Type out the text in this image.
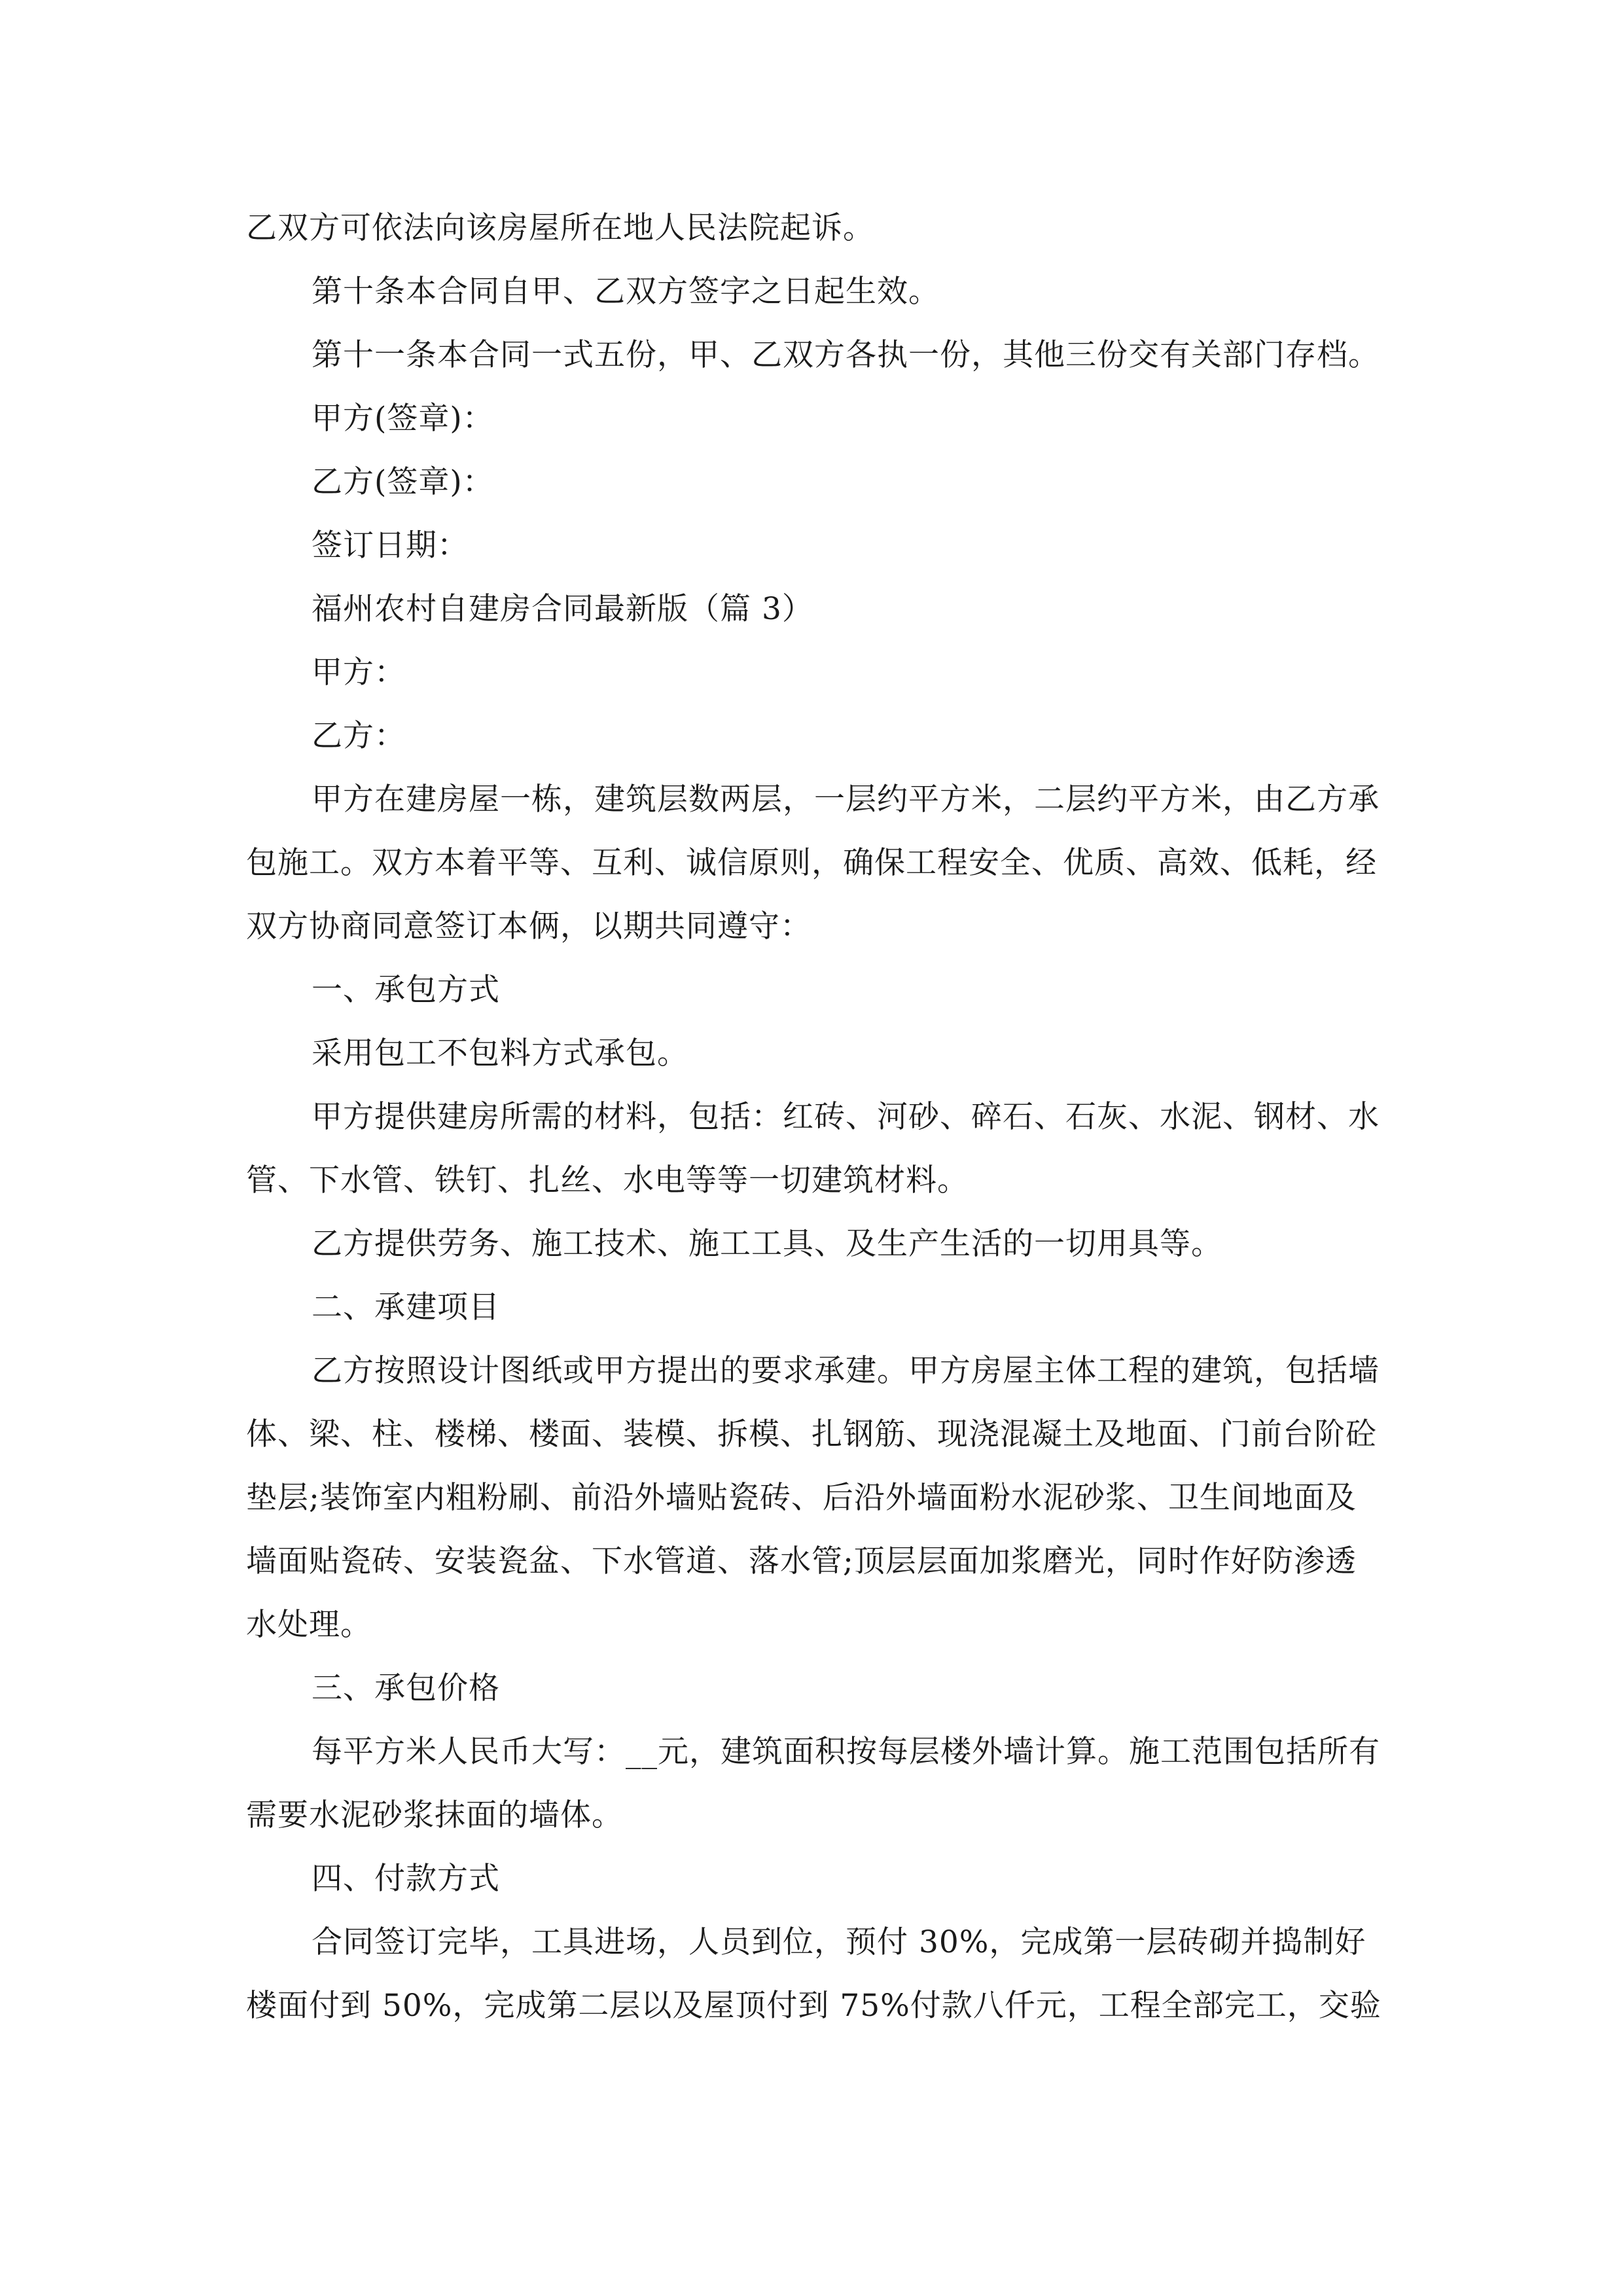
乙双方可依法向该房屋所在地人民法院起诉。

第十条本合同自甲、乙双方签字之日起生效。

第十一条本合同一式五份，甲、乙双方各执一份，其他三份交有关部门存档。

甲方(签章)：

乙方(签章)：

签订日期：

福州农村自建房合同最新版（篇 3）

甲方：

乙方：

甲方在建房屋一栋，建筑层数两层，一层约平方米，二层约平方米，由乙方承包施工。双方本着平等、互利、诚信原则，确保工程安全、优质、高效、低耗，经双方协商同意签订本俩，以期共同遵守：

一、承包方式

采用包工不包料方式承包。

甲方提供建房所需的材料，包括：红砖、河砂、碎石、石灰、水泥、钢材、水管、下水管、铁钉、扎丝、水电等等一切建筑材料。

乙方提供劳务、施工技术、施工工具、及生产生活的一切用具等。

二、承建项目

乙方按照设计图纸或甲方提出的要求承建。甲方房屋主体工程的建筑，包括墙体、梁、柱、楼梯、楼面、装模、拆模、扎钢筋、现浇混凝土及地面、门前台阶砼垫层;装饰室内粗粉刷、前沿外墙贴瓷砖、后沿外墙面粉水泥砂浆、卫生间地面及墙面贴瓷砖、安装瓷盆、下水管道、落水管;顶层层面加浆磨光，同时作好防渗透水处理。

三、承包价格

每平方米人民币大写：__元，建筑面积按每层楼外墙计算。施工范围包括所有需要水泥砂浆抹面的墙体。

四、付款方式

合同签订完毕，工具进场，人员到位，预付 30%，完成第一层砖砌并捣制好楼面付到 50%，完成第二层以及屋顶付到 75%付款八仟元，工程全部完工，交验
